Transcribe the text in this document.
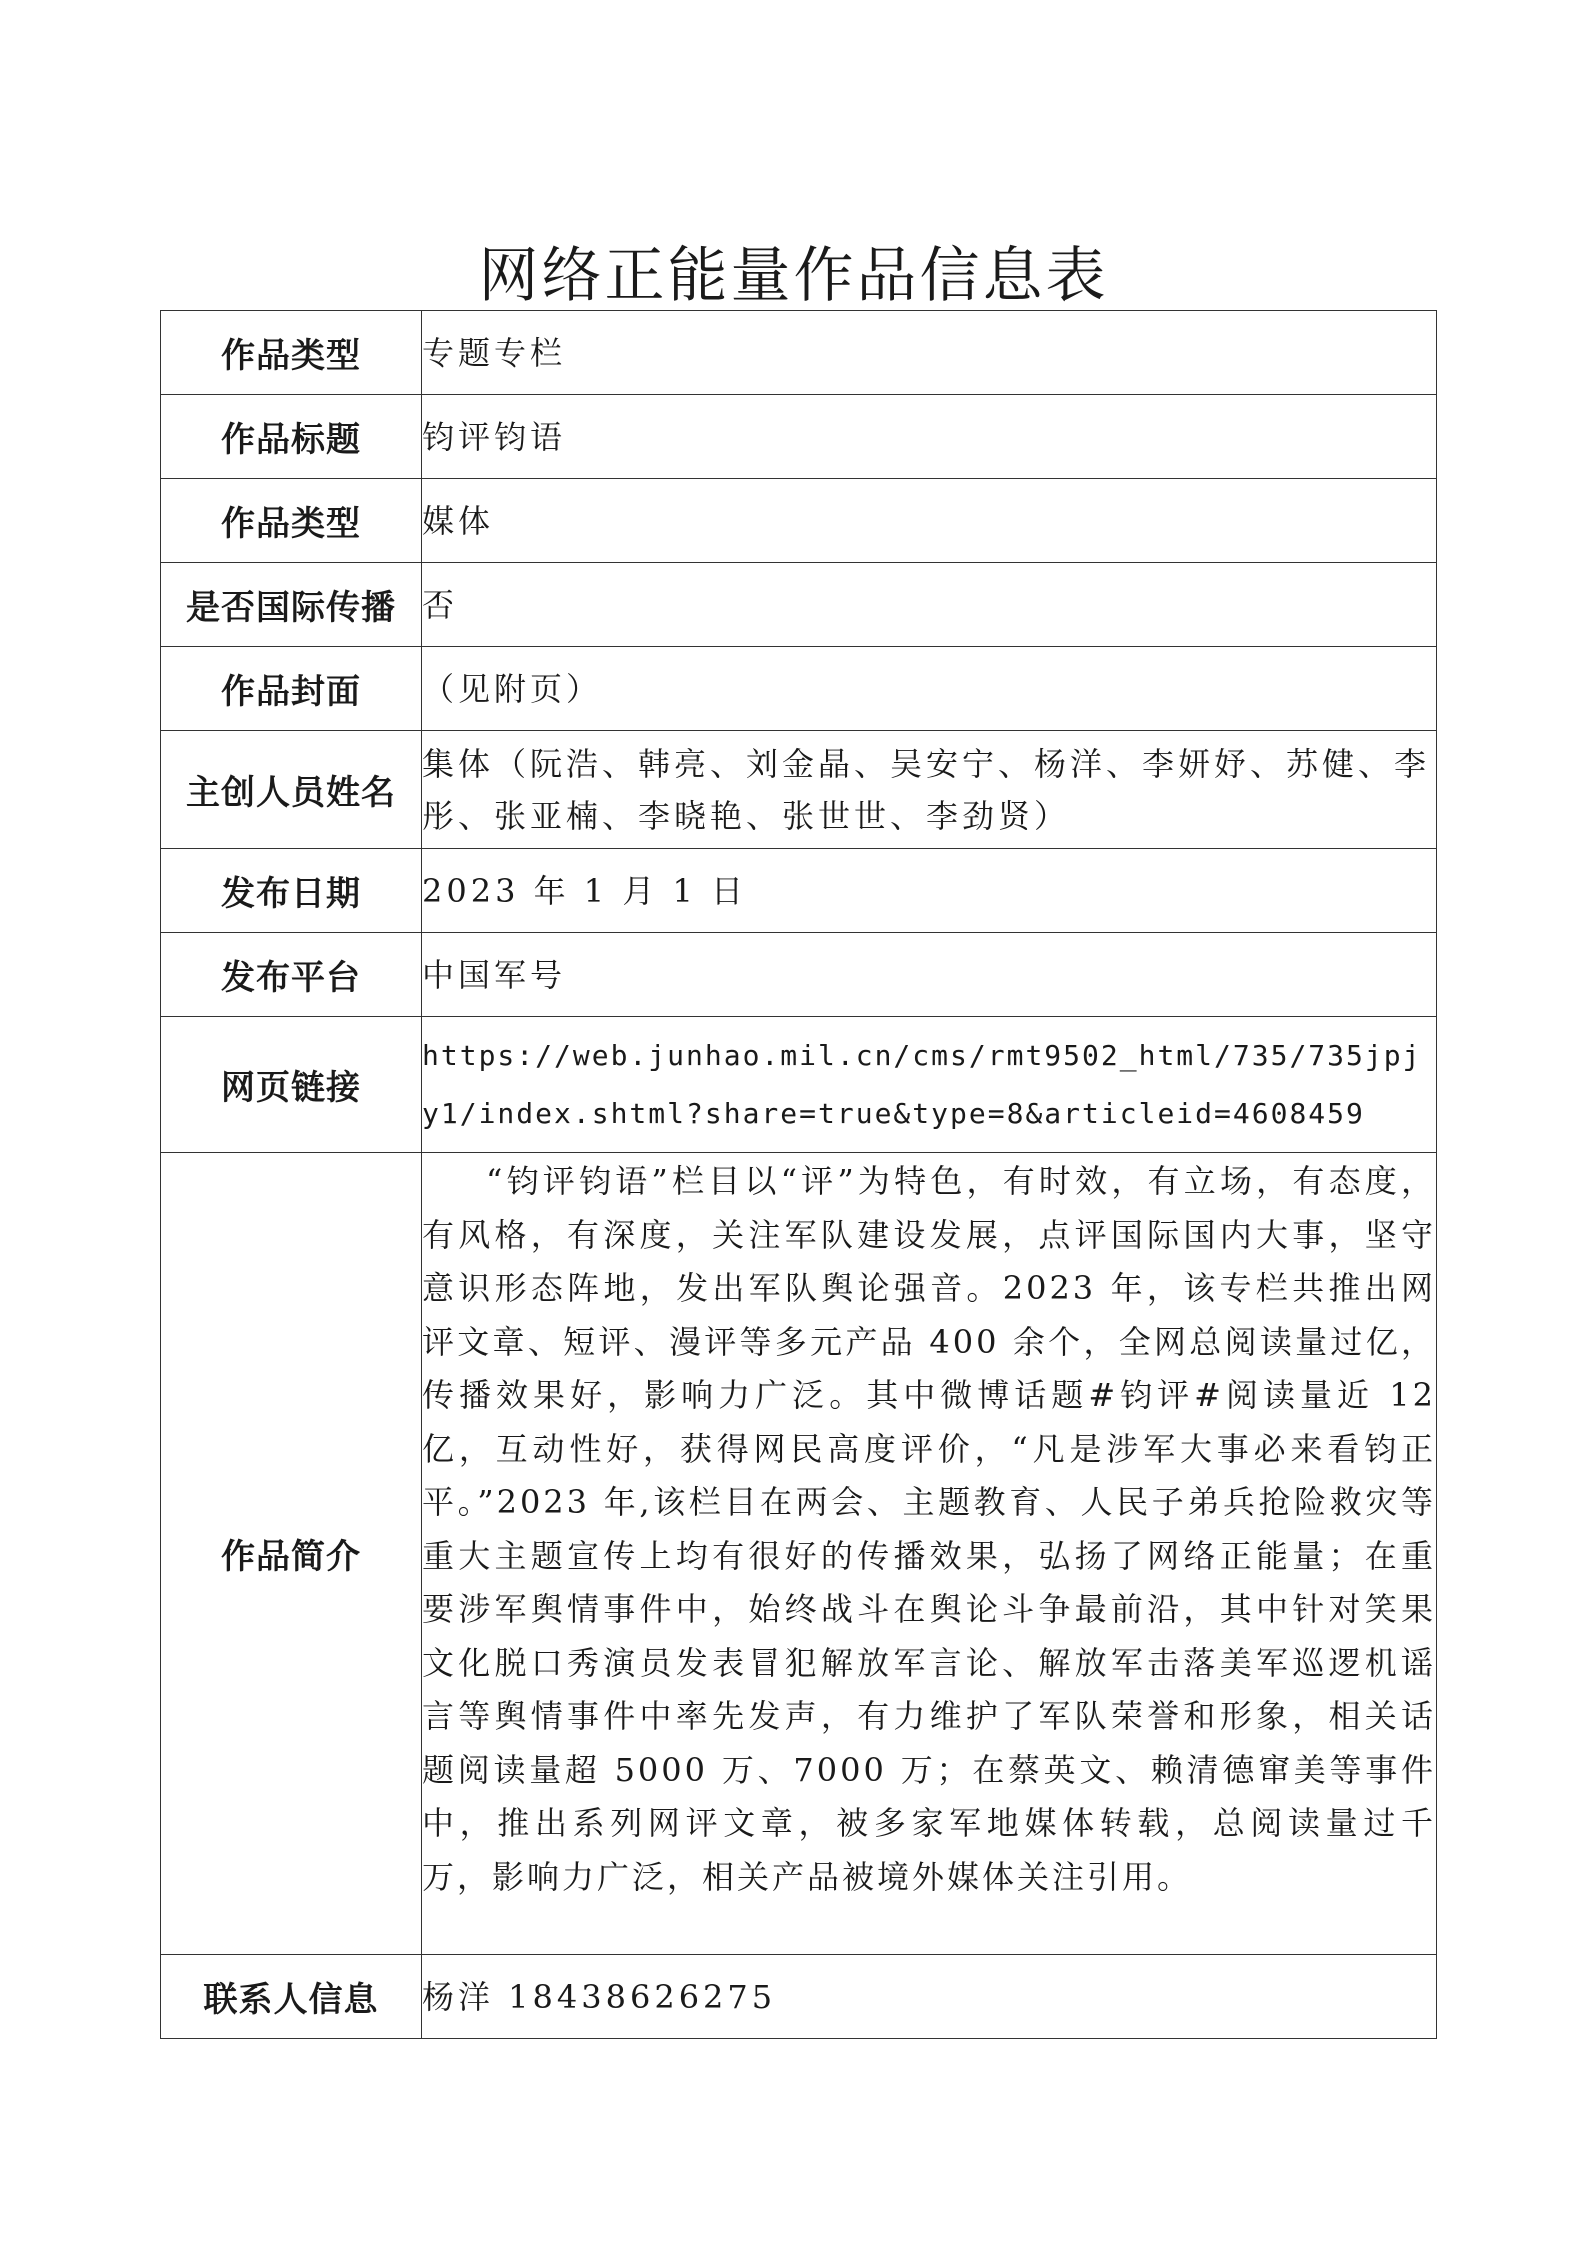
网络正能量作品信息表
作品类型	专题专栏
作品标题	钧评钧语
作品类型	媒体
是否国际传播	否
作品封面	（见附页）
主创人员姓名	集体（阮浩、韩亮、刘金晶、吴安宁、杨洋、李妍妤、苏健、李彤、张亚楠、李晓艳、张世世、李劲贤）
发布日期	2023 年 1 月 1 日
发布平台	中国军号
网页链接	https://web.junhao.mil.cn/cms/rmt9502_html/735/735jpjy1/index.shtml?share=true&type=8&articleid=4608459
作品简介	“钧评钧语”栏目以“评”为特色，有时效，有立场，有态度，有风格，有深度，关注军队建设发展，点评国际国内大事，坚守意识形态阵地，发出军队舆论强音。2023 年，该专栏共推出网评文章、短评、漫评等多元产品 400 余个，全网总阅读量过亿，传播效果好，影响力广泛。其中微博话题#钧评#阅读量近 12 亿，互动性好，获得网民高度评价，“凡是涉军大事必来看钧正平。”2023 年,该栏目在两会、主题教育、人民子弟兵抢险救灾等重大主题宣传上均有很好的传播效果，弘扬了网络正能量；在重要涉军舆情事件中，始终战斗在舆论斗争最前沿，其中针对笑果文化脱口秀演员发表冒犯解放军言论、解放军击落美军巡逻机谣言等舆情事件中率先发声，有力维护了军队荣誉和形象，相关话题阅读量超 5000 万、7000 万；在蔡英文、赖清德窜美等事件中，推出系列网评文章，被多家军地媒体转载，总阅读量过千万，影响力广泛，相关产品被境外媒体关注引用。
联系人信息	杨洋 18438626275
